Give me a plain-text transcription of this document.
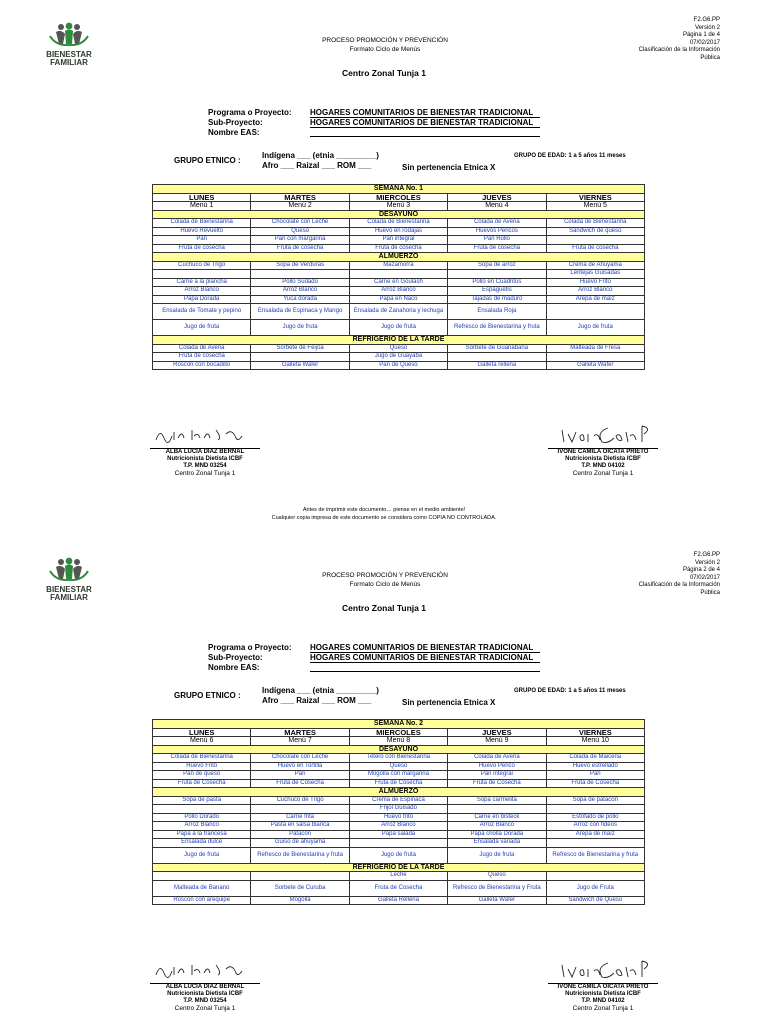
BIENESTAR
FAMILIAR
PROCESO PROMOCIÓN Y PREVENCIÓN
Formato Ciclo de Menús
F2.G6.PP
Versión 2
Página 1 de 4
07/02/2017
Clasificación de la Información
Pública
Centro Zonal Tunja 1
Programa o Proyecto:	HOGARES COMUNITARIOS DE BIENESTAR TRADICIONAL
Sub-Proyecto:	HOGARES COMUNITARIOS DE BIENESTAR TRADICIONAL
Nombre EAS:
GRUPO ETNICO :
Indígena ___ (etnia _________)
Afro ___ Raizal ___ ROM ___	Sin pertenencia Etnica X
GRUPO DE EDAD: 1 a 5 años 11 meses
SEMANA No. 1				
LUNES	MARTES	MIERCOLES	JUEVES	VIERNES
Menú 1	Menú 2	Menú 3	Menú 4	Menú 5
DESAYUNO				
Colada de Bienestarina	Chocolate con Leche	Colada de Bienestarina	Colada de Avena	Colada de Bienestarina
Huevo Revuelto	Queso	Huevo en rodajas	Huevos Pericos	Sandwich de queso
Pan	Pan con margarina	Pan integral	Pan Rollo	
Fruta de cosecha	Fruta de cosecha	Fruta de cosecha	Fruta de cosecha	Fruta de cosecha
ALMUERZO				
Cuchuco de Trigo	Sopa de Verduras	Mazamorra	Sopa de arroz	Crema de Ahuyama
				Lentejas Guisadas
Carne a la plancha	Pollo Sudado	Carne en Goulash	Pollo en Cuadritos	Huevo Frito
Arroz Blanco	Arroz Blanco	Arroz Blanco	Espaguetis	Arroz Blanco
Papa Dorada	Yuca dorada	Papa en Naco	Tajadas de maduro	Arepa de maíz
Ensalada de Tomate y pepino	Ensalada de Espinaca y Mango	Ensalada de Zanahoria y lechuga	Ensalada Roja	
Jugo de fruta	Jugo de fruta	Jugo de fruta	Refresco de Bienestarina y fruta	Jugo de fruta
REFRIGERIO DE LA TARDE				
Colada de Avena	Sorbete de Feijoa	Queso	Sorbete de Guanábana	Malteada de Fresa
Fruta de cosecha		Jugo de Guayaba		
Roscón con bocadillo	Galleta Wafer	Pan de Queso	Galleta rellena	Galleta Wafer
ALBA LUCIA DIAZ BERNAL
Nutricionista Dietista ICBF
T.P. MND 03254
Centro Zonal Tunja 1
IVONE CAMILA OICATA PRIETO
Nutricionista Dietista ICBF
T.P. MND 04102
Centro Zonal Tunja 1
BIENESTAR
FAMILIAR
PROCESO PROMOCIÓN Y PREVENCIÓN
Formato Ciclo de Menús
F2.G6.PP
Versión 2
Página 2 de 4
07/02/2017
Clasificación de la Información
Pública
Centro Zonal Tunja 1
Programa o Proyecto:	HOGARES COMUNITARIOS DE BIENESTAR TRADICIONAL
Sub-Proyecto:	HOGARES COMUNITARIOS DE BIENESTAR TRADICIONAL
Nombre EAS:
GRUPO ETNICO :
Indígena ___ (etnia _________)
Afro ___ Raizal ___ ROM ___	Sin pertenencia Etnica X
GRUPO DE EDAD: 1 a 5 años 11 meses
SEMANA No. 2				
LUNES	MARTES	MIERCOLES	JUEVES	VIERNES
Menú 6	Menú 7	Menú 8	Menú 9	Menú 10
DESAYUNO				
Colada de Bienestarina	Chocolate con Leche	Tetero con Bienestarina	Colada de Avena	Colada de Maicena
Huevo Frito	Huevo en Tortilla	Queso	Huevo Perico	Huevo estrellado
Pan de queso	Pan	Mogolla con margarina	Pan integral	Pan
Fruta de Cosecha	Fruta de Cosecha	Fruta de Cosecha	Fruta de Cosecha	Fruta de Cosecha
ALMUERZO				
Sopa de pasta	Cuchuco de Trigo	Crema de Espinaca	Sopa carmelita	Sopa de patacón
		Frijol Guisado		
Pollo Dorado	Carne frita	Huevo frito	Carne en bisteck	Estofado de pollo
Arroz Blanco	Pasta en salsa blanca	Arroz Blanco	Arroz Blanco	Arroz con fideos
Papa a la francesa	Patacón	Papa salada	Papa criolla Dorada	Arepa de maíz
Ensalada dulce	Guiso de ahuyama		Ensalada variada	
Jugo de fruta	Refresco de Bienestarina y fruta	Jugo de fruta	Jugo de fruta	Refresco de Bienestarina y fruta
REFRIGERIO DE LA TARDE				
		Leche	Queso	
Malteada de Banano	Sorbete de Curuba	Fruta de Cosecha	Refresco de Bienestarina y Fruta	Jugo de Fruta
Roscón con arequipe	Mogolla	Galleta Rellena	Galleta Wafer	Sandwich de Queso
ALBA LUCIA DIAZ BERNAL
Nutricionista Dietista ICBF
T.P. MND 03254
Centro Zonal Tunja 1
IVONE CAMILA OICATA PRIETO
Nutricionista Dietista ICBF
T.P. MND 04102
Centro Zonal Tunja 1
Antes de imprimir este documento… piense en el medio ambiente!
Cualquier copia impresa de este documento se considera como COPIA NO CONTROLADA.
